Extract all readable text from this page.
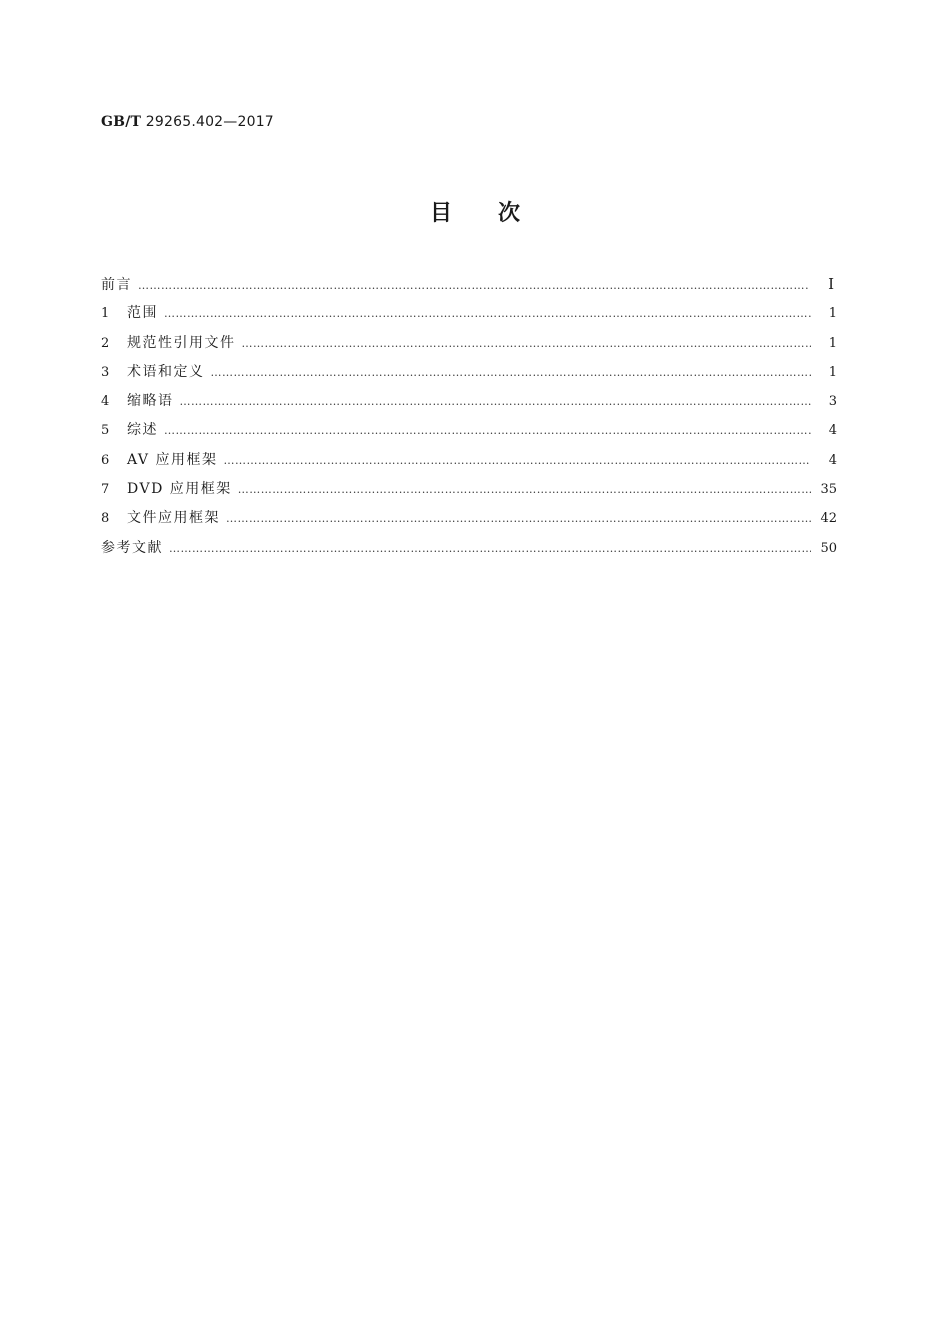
GB/T 29265.402—2017
目次
前言 …………………………………………………………………………………………………………………………………………………………………………………………………………………	Ⅰ
1	范围 …………………………………………………………………………………………………………………………………………………………………………………………………………………	1
2	规范性引用文件 …………………………………………………………………………………………………………………………………………………………………………………………………………………	1
3	术语和定义 …………………………………………………………………………………………………………………………………………………………………………………………………………………	1
4	缩略语 …………………………………………………………………………………………………………………………………………………………………………………………………………………	3
5	综述 …………………………………………………………………………………………………………………………………………………………………………………………………………………	4
6	AV 应用框架 …………………………………………………………………………………………………………………………………………………………………………………………………………………	4
7	DVD 应用框架 …………………………………………………………………………………………………………………………………………………………………………………………………………………	35
8	文件应用框架 …………………………………………………………………………………………………………………………………………………………………………………………………………………	42
参考文献 …………………………………………………………………………………………………………………………………………………………………………………………………………………	50
